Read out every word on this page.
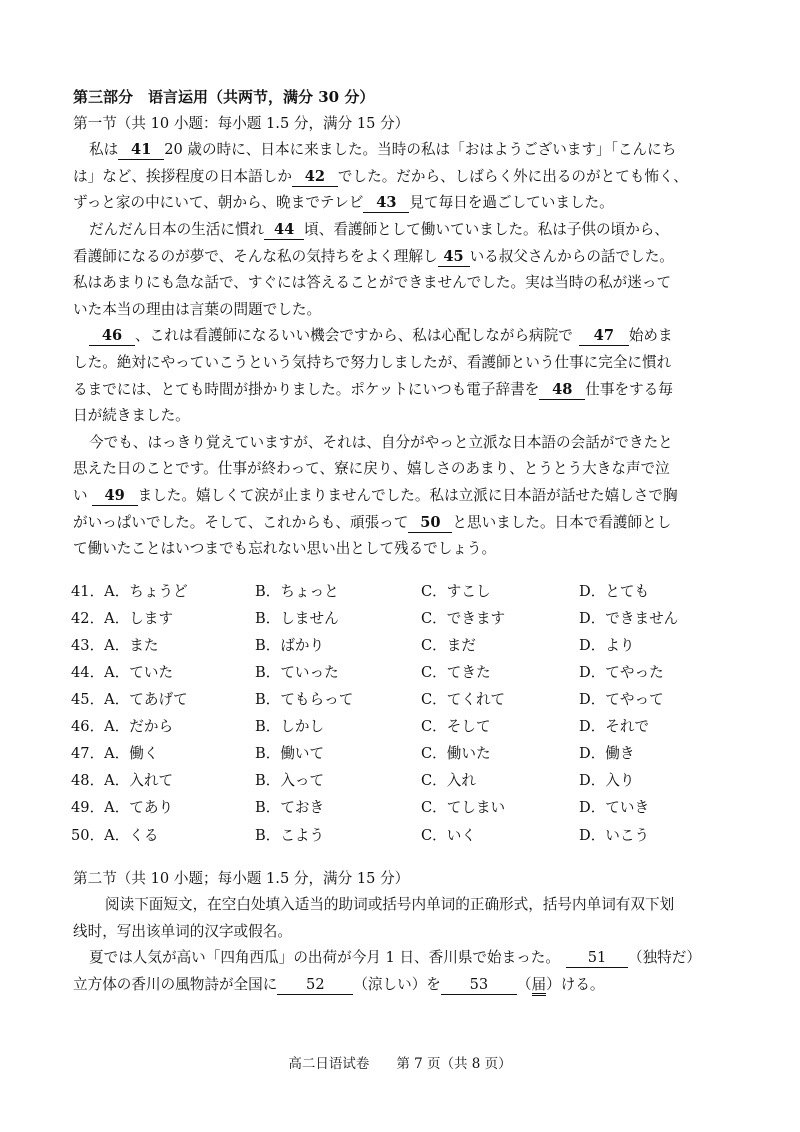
第三部分　语言运用（共两节，满分 30 分）
第一节（共 10 小题：每小题 1.5 分，满分 15 分）
私は 41 20 歳の時に、日本に来ました。当時の私は「おはようございます」「こんにち
は」など、挨拶程度の日本語しか 42 でした。だから、しばらく外に出るのがとても怖く、
ずっと家の中にいて、朝から、晩までテレビ 43 見て毎日を過ごしていました。
だんだん日本の生活に慣れ 44 頃、看護師として働いていました。私は子供の頃から、
看護師になるのが夢で、そんな私の気持ちをよく理解し 45 いる叔父さんからの話でした。
私はあまりにも急な話で、すぐには答えることができませんでした。実は当時の私が迷って
いた本当の理由は言葉の問題でした。
46 、これは看護師になるいい機会ですから、私は心配しながら病院で 47 始めま
した。絶対にやっていこうという気持ちで努力しましたが、看護師という仕事に完全に慣れ
るまでには、とても時間が掛かりました。ポケットにいつも電子辞書を 48 仕事をする毎
日が続きました。
今でも、はっきり覚えていますが、それは、自分がやっと立派な日本語の会話ができたと
思えた日のことです。仕事が終わって、寮に戻り、嬉しさのあまり、とうとう大きな声で泣
い 49 ました。嬉しくて涙が止まりませんでした。私は立派に日本語が話せた嬉しさで胸
がいっぱいでした。そして、これからも、頑張って 50 と思いました。日本で看護師とし
て働いたことはいつまでも忘れない思い出として残るでしょう。
41．A．ちょうど	B．ちょっと	C．すこし	D．とても
42．A．します	B．しません	C．できます	D．できません
43．A．また	B．ばかり	C．まだ	D．より
44．A．ていた	B．ていった	C．てきた	D．てやった
45．A．てあげて	B．てもらって	C．てくれて	D．てやって
46．A．だから	B．しかし	C．そして	D．それで
47．A．働く	B．働いて	C．働いた	D．働き
48．A．入れて	B．入って	C．入れ	D．入り
49．A．てあり	B．ておき	C．てしまい	D．ていき
50．A．くる	B．こよう	C．いく	D．いこう
第二节（共 10 小题；每小题 1.5 分，满分 15 分）
阅读下面短文，在空白处填入适当的助词或括号内单词的正确形式，括号内单词有双下划
线时，写出该单词的汉字或假名。
夏では人気が高い「四角西瓜」の出荷が今月 1 日、香川県で始まった。 51 （独特だ）
立方体の香川の風物詩が全国に 52 （涼しい）を 53 （届）ける。
高二日语试卷　　第 7 页（共 8 页）
